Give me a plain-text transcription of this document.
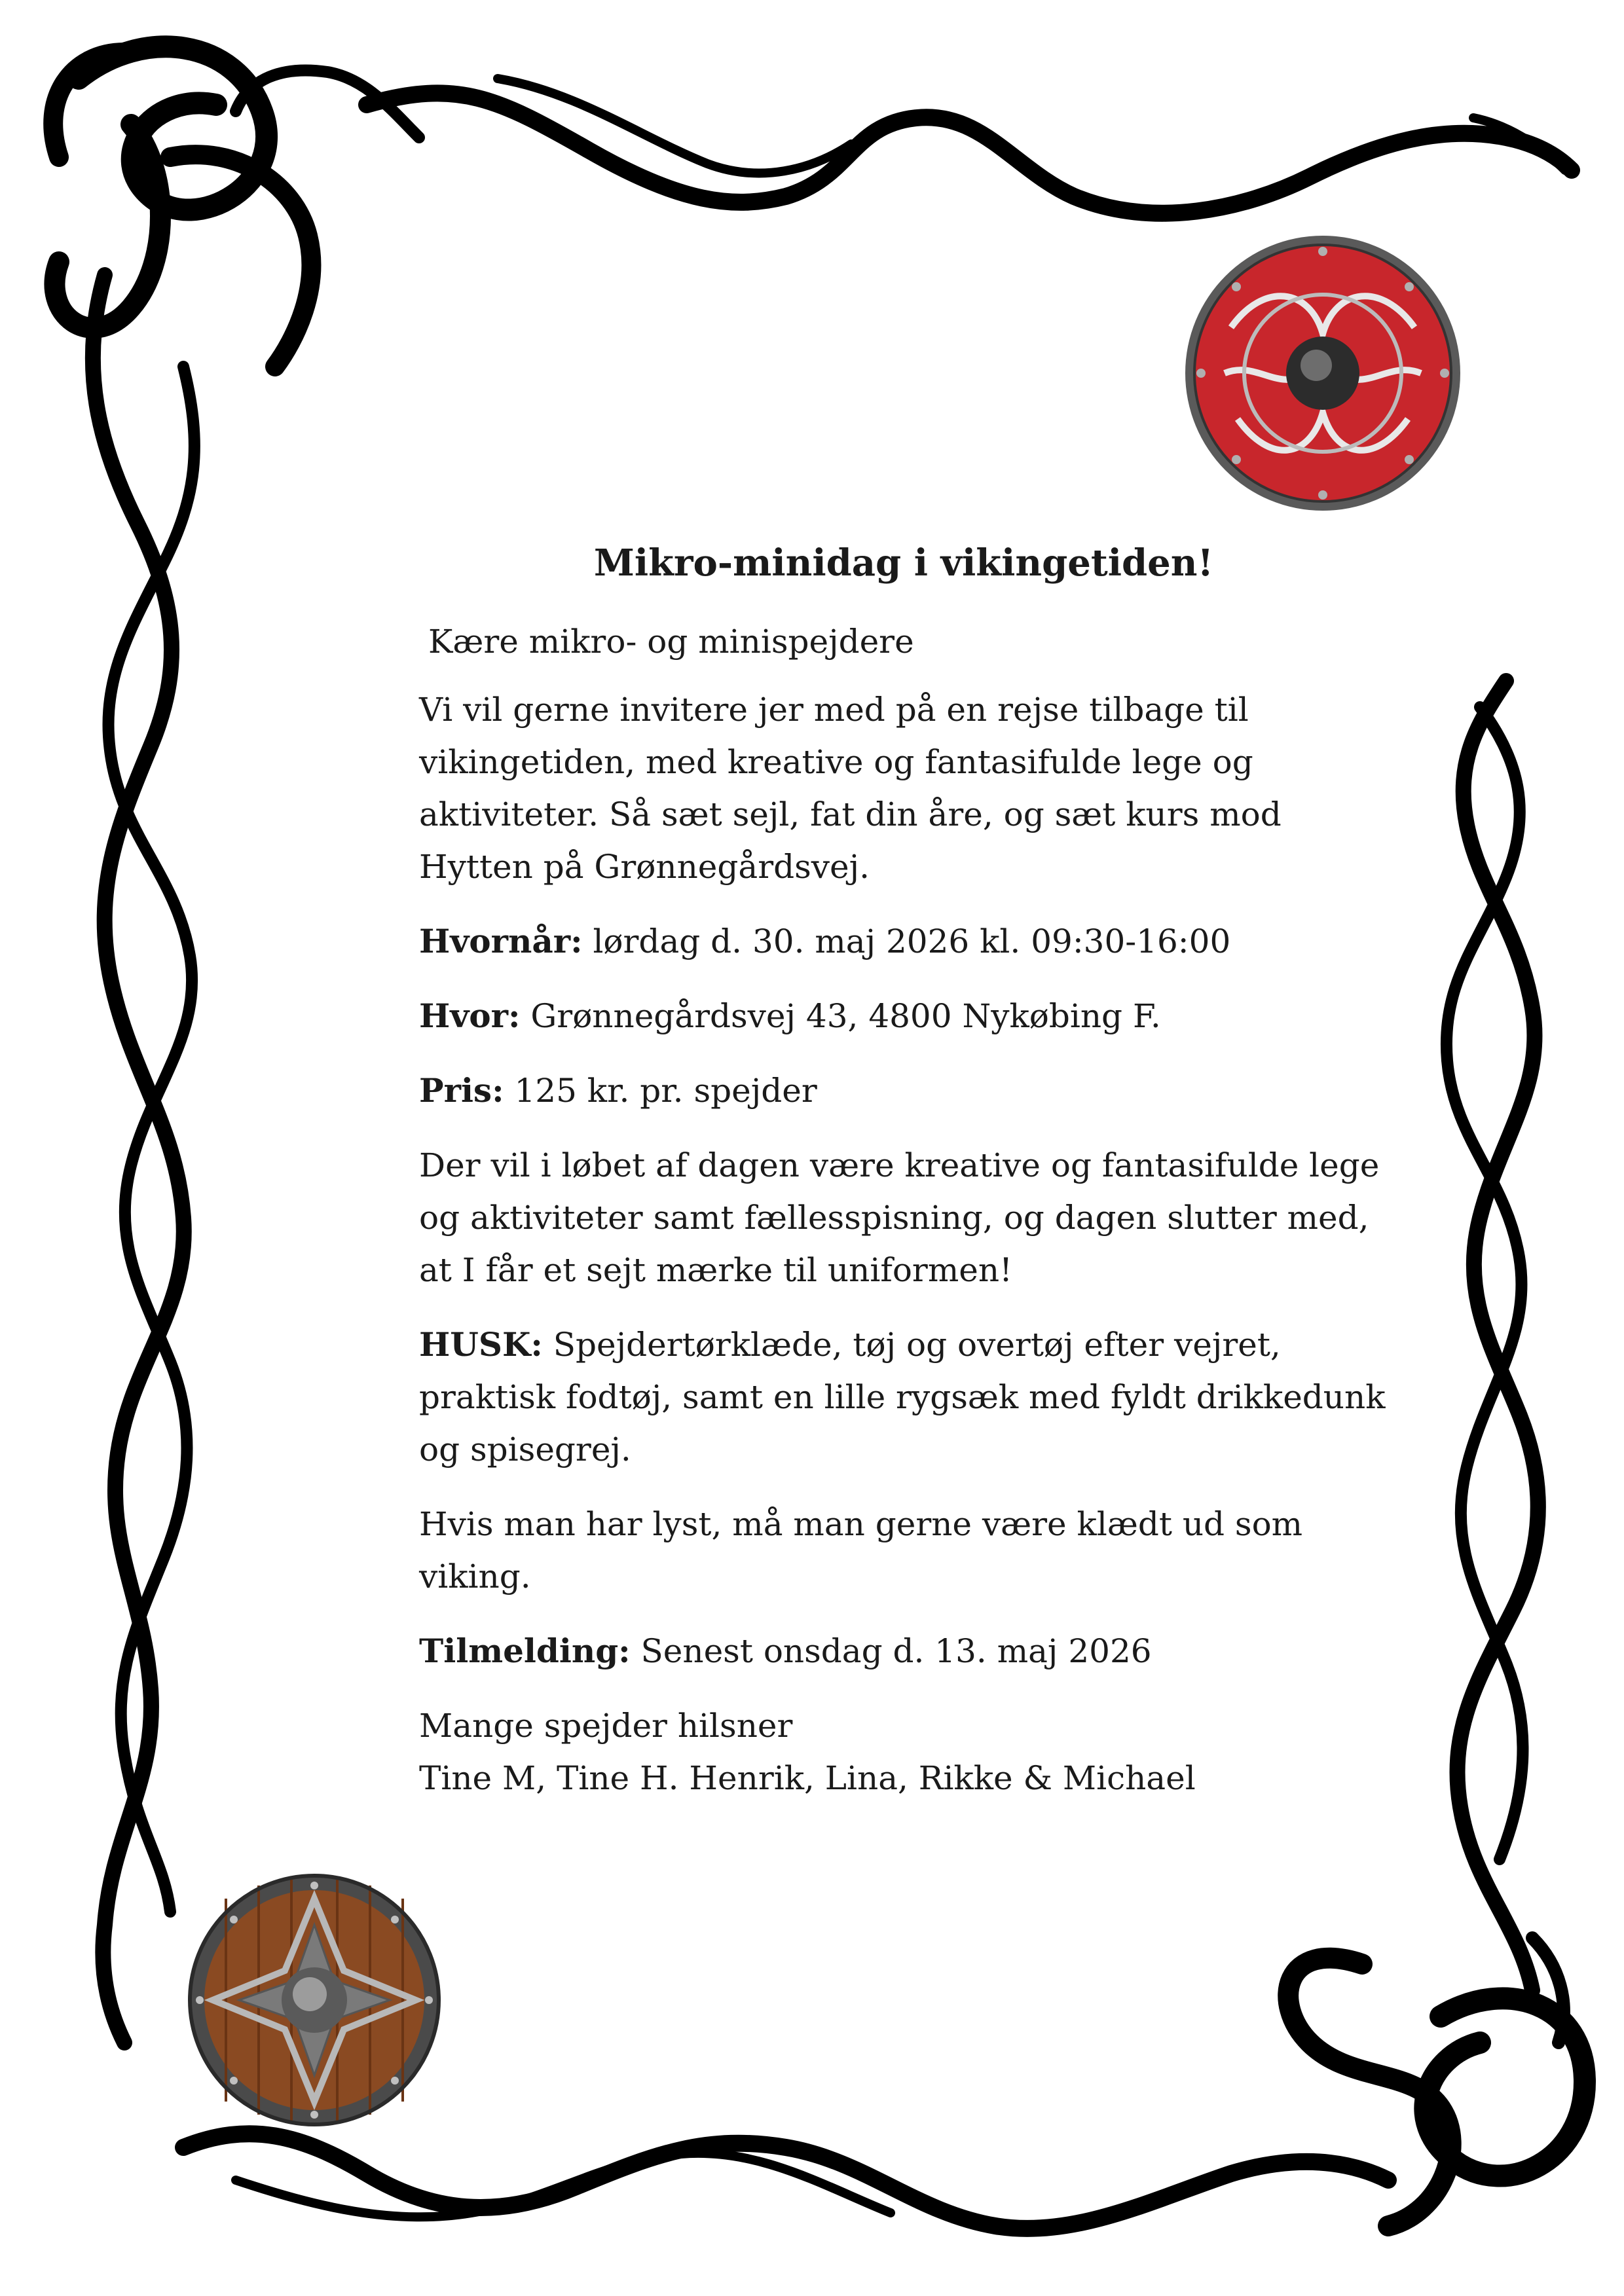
Mikro-minidag i vikingetiden!
Kære mikro- og minispejdere
Vi vil gerne invitere jer med på en rejse tilbage til vikingetiden, med kreative og fantasifulde lege og aktiviteter. Så sæt sejl, fat din åre, og sæt kurs mod Hytten på Grønnegårdsvej.
Hvornår: lørdag d. 30. maj 2026 kl. 09:30-16:00
Hvor: Grønnegårdsvej 43, 4800 Nykøbing F.
Pris: 125 kr. pr. spejder
Der vil i løbet af dagen være kreative og fantasifulde lege og aktiviteter samt fællesspisning, og dagen slutter med, at I får et sejt mærke til uniformen!
HUSK: Spejdertørklæde, tøj og overtøj efter vejret, praktisk fodtøj, samt en lille rygsæk med fyldt drikkedunk og spisegrej.
Hvis man har lyst, må man gerne være klædt ud som viking.
Tilmelding: Senest onsdag d. 13. maj 2026
Mange spejder hilsner
Tine M, Tine H. Henrik, Lina, Rikke & Michael
